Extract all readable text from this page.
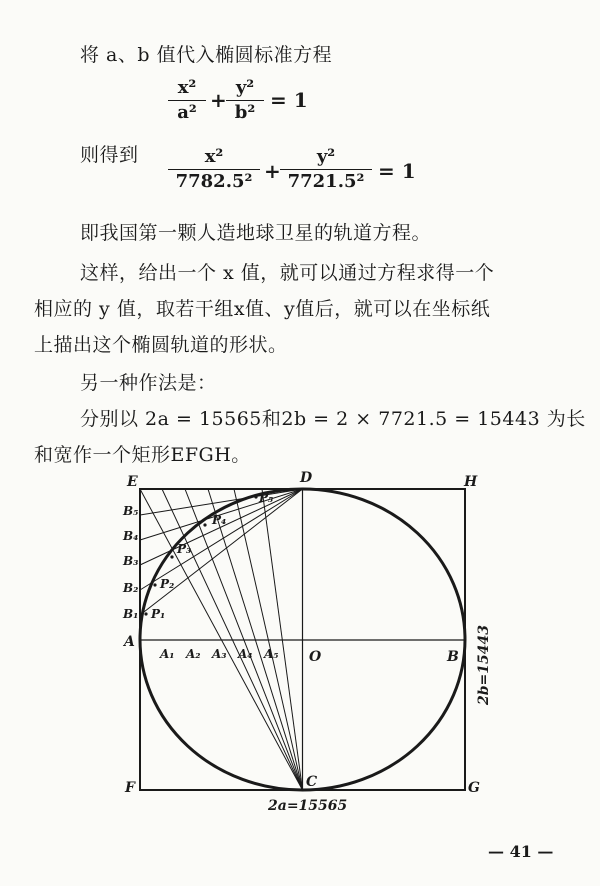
将 a、b 值代入椭圆标准方程
$\frac{\text{x²}}{\text{a²}} + \frac{\text{y²}}{\text{b²}} = 1$
则得到 $\frac{\text{x²}}{\text{7782.5²}} + \frac{\text{y²}}{\text{7721.5²}} = 1$
即我国第一颗人造地球卫星的轨道方程。
这样，给出一个 x 值，就可以通过方程求得一个
相应的 y 值，取若干组x值、y值后，就可以在坐标纸
上描出这个椭圆轨道的形状。
另一种作法是：
分别以 2a = 15565和2b = 2 × 7721.5 = 15443 为长
和宽作一个矩形EFGH。
E	D	H
A
O	B
F	C	G
B₅
B₄
B₃
B₂
B₁
A₁ A₂ A₃ A₄ A₅
P₁
P₂
P₃
P₄
P₅
2a=15565
2b=15443
— 41 —
